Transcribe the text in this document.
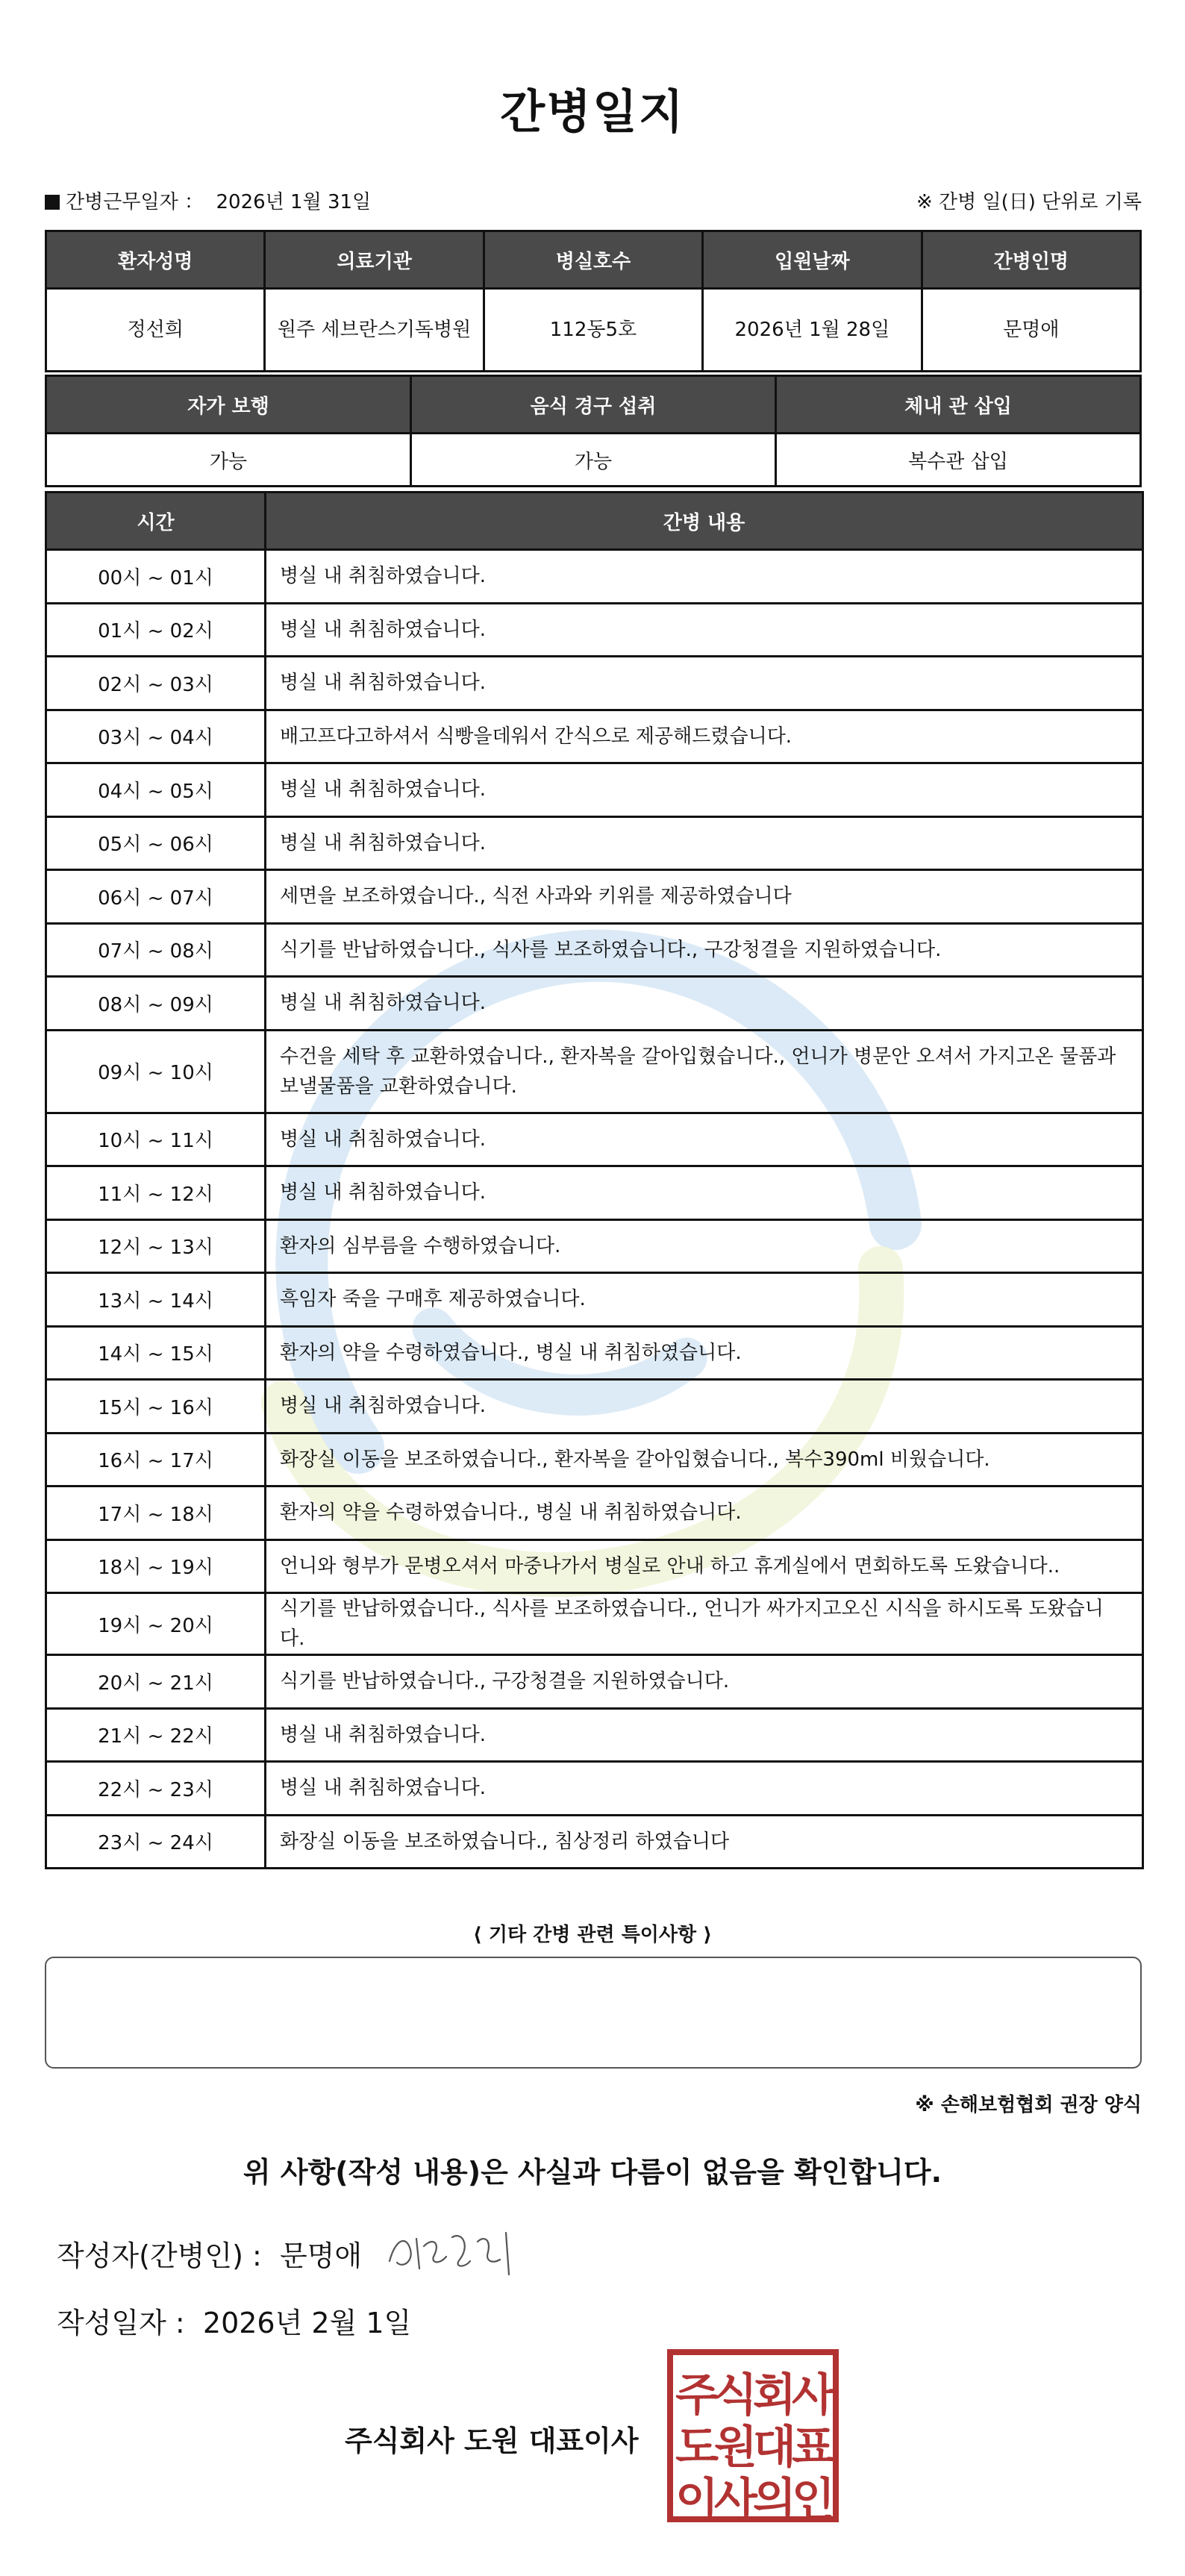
간병일지
간병근무일자 ： 2026년 1월 31일	※ 간병 일(日) 단위로 기록
환자성명	의료기관	병실호수	입원날짜	간병인명
정선희	원주 세브란스기독병원	112동5호	2026년 1월 28일	문명애
자가 보행	음식 경구 섭취	체내 관 삽입
가능	가능	복수관 삽입
시간	간병 내용
00시 ~ 01시	병실 내 취침하였습니다.
01시 ~ 02시	병실 내 취침하였습니다.
02시 ~ 03시	병실 내 취침하였습니다.
03시 ~ 04시	배고프다고하셔서 식빵을데워서 간식으로 제공해드렸습니다.
04시 ~ 05시	병실 내 취침하였습니다.
05시 ~ 06시	병실 내 취침하였습니다.
06시 ~ 07시	세면을 보조하였습니다., 식전 사과와 키위를 제공하였습니다
07시 ~ 08시	식기를 반납하였습니다., 식사를 보조하였습니다., 구강청결을 지원하였습니다.
08시 ~ 09시	병실 내 취침하였습니다.
09시 ~ 10시	수건을 세탁 후 교환하였습니다., 환자복을 갈아입혔습니다., 언니가 병문안 오셔서 가지고온 물품과 보낼물품을 교환하였습니다.
10시 ~ 11시	병실 내 취침하였습니다.
11시 ~ 12시	병실 내 취침하였습니다.
12시 ~ 13시	환자의 심부름을 수행하였습니다.
13시 ~ 14시	흑임자 죽을 구매후 제공하였습니다.
14시 ~ 15시	환자의 약을 수령하였습니다., 병실 내 취침하였습니다.
15시 ~ 16시	병실 내 취침하였습니다.
16시 ~ 17시	화장실 이동을 보조하였습니다., 환자복을 갈아입혔습니다., 복수390ml 비웠습니다.
17시 ~ 18시	환자의 약을 수령하였습니다., 병실 내 취침하였습니다.
18시 ~ 19시	언니와 형부가 문병오셔서 마중나가서 병실로 안내 하고 휴게실에서 면회하도록 도왔습니다..
19시 ~ 20시	식기를 반납하였습니다., 식사를 보조하였습니다., 언니가 싸가지고오신 시식을 하시도록 도왔습니다.
20시 ~ 21시	식기를 반납하였습니다., 구강청결을 지원하였습니다.
21시 ~ 22시	병실 내 취침하였습니다.
22시 ~ 23시	병실 내 취침하였습니다.
23시 ~ 24시	화장실 이동을 보조하였습니다., 침상정리 하였습니다
⟨ 기타 간병 관련 특이사항 ⟩
※ 손해보험협회 권장 양식
위 사항(작성 내용)은 사실과 다름이 없음을 확인합니다.
작성자(간병인) : 문명애
작성일자 : 2026년 2월 1일
주식회사 도원 대표이사
주식회사
도원대표
이사의인
